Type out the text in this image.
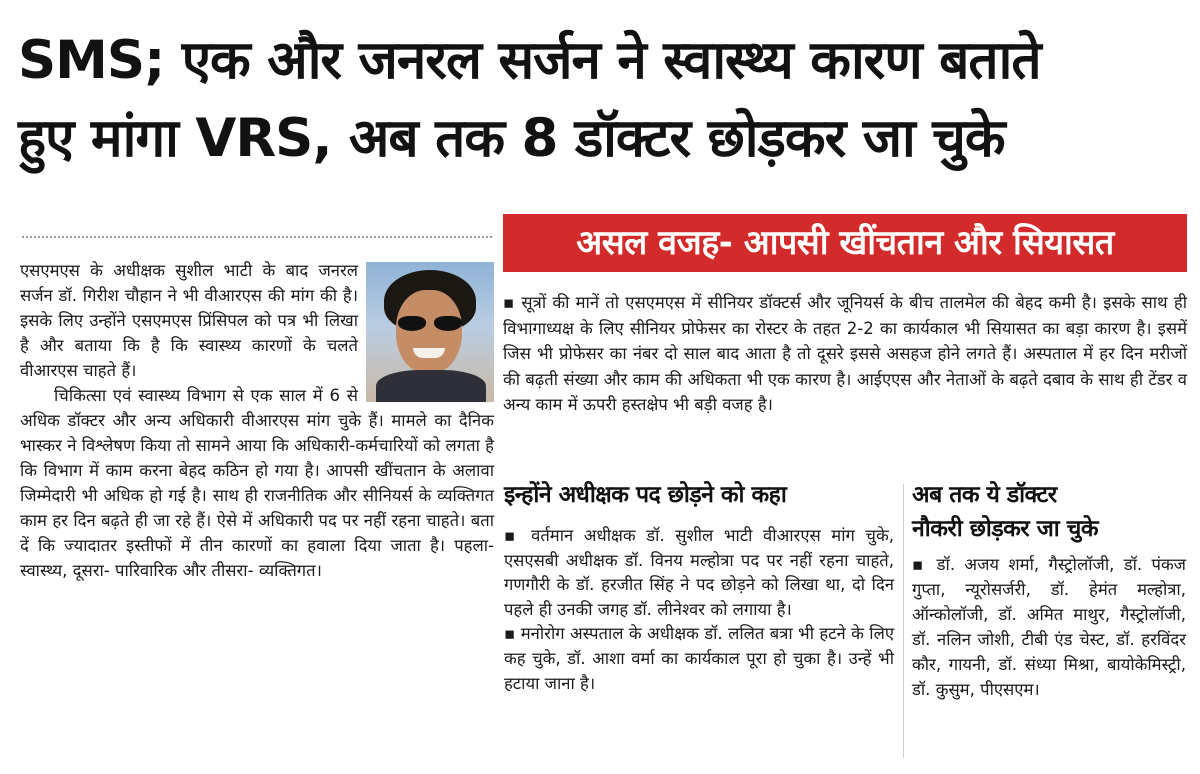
SMS; एक और जनरल सर्जन ने स्वास्थ्य कारण बताते
हुए मांगा VRS, अब तक 8 डॉक्टर छोड़कर जा चुके
असल वजह- आपसी खींचतान और सियासत

एसएमएस के अधीक्षक सुशील भाटी के बाद जनरल सर्जन डॉ. गिरीश चौहान ने भी वीआरएस की मांग की है। इसके लिए उन्होंने एसएमएस प्रिंसिपल को पत्र भी लिखा है और बताया कि है कि स्वास्थ्य कारणों के चलते वीआरएस चाहते हैं।

चिकित्सा एवं स्वास्थ्य विभाग से एक साल में 6 से अधिक डॉक्टर और अन्य अधिकारी वीआरएस मांग चुके हैं। मामले का दैनिक भास्कर ने विश्लेषण किया तो सामने आया कि अधिकारी-कर्मचारियों को लगता है कि विभाग में काम करना बेहद कठिन हो गया है। आपसी खींचतान के अलावा जिम्मेदारी भी अधिक हो गई है। साथ ही राजनीतिक और सीनियर्स के व्यक्तिगत काम हर दिन बढ़ते ही जा रहे हैं। ऐसे में अधिकारी पद पर नहीं रहना चाहते। बता दें कि ज्यादातर इस्तीफों में तीन कारणों का हवाला दिया जाता है। पहला- स्वास्थ्य, दूसरा- पारिवारिक और तीसरा- व्यक्तिगत।

▪ सूत्रों की मानें तो एसएमएस में सीनियर डॉक्टर्स और जूनियर्स के बीच तालमेल की बेहद कमी है। इसके साथ ही विभागाध्यक्ष के लिए सीनियर प्रोफेसर का रोस्टर के तहत 2-2 का कार्यकाल भी सियासत का बड़ा कारण है। इसमें जिस भी प्रोफेसर का नंबर दो साल बाद आता है तो दूसरे इससे असहज होने लगते हैं। अस्पताल में हर दिन मरीजों की बढ़ती संख्या और काम की अधिकता भी एक कारण है। आईएएस और नेताओं के बढ़ते दबाव के साथ ही टेंडर व अन्य काम में ऊपरी हस्तक्षेप भी बड़ी वजह है।

इन्होंने अधीक्षक पद छोड़ने को कहा

▪ वर्तमान अधीक्षक डॉ. सुशील भाटी वीआरएस मांग चुके, एसएसबी अधीक्षक डॉ. विनय मल्होत्रा पद पर नहीं रहना चाहते, गणगौरी के डॉ. हरजीत सिंह ने पद छोड़ने को लिखा था, दो दिन पहले ही उनकी जगह डॉ. लीनेश्वर को लगाया है।

▪ मनोरोग अस्पताल के अधीक्षक डॉ. ललित बत्रा भी हटने के लिए कह चुके, डॉ. आशा वर्मा का कार्यकाल पूरा हो चुका है। उन्हें भी हटाया जाना है।

अब तक ये डॉक्टर
नौकरी छोड़कर जा चुके

▪ डॉ. अजय शर्मा, गैस्ट्रोलॉजी, डॉ. पंकज गुप्ता, न्यूरोसर्जरी, डॉ. हेमंत मल्होत्रा, ऑन्कोलॉजी, डॉ. अमित माथुर, गैस्ट्रोलॉजी, डॉ. नलिन जोशी, टीबी एंड चेस्ट, डॉ. हरविंदर कौर, गायनी, डॉ. संध्या मिश्रा, बायोकेमिस्ट्री, डॉ. कुसुम, पीएसएम।
